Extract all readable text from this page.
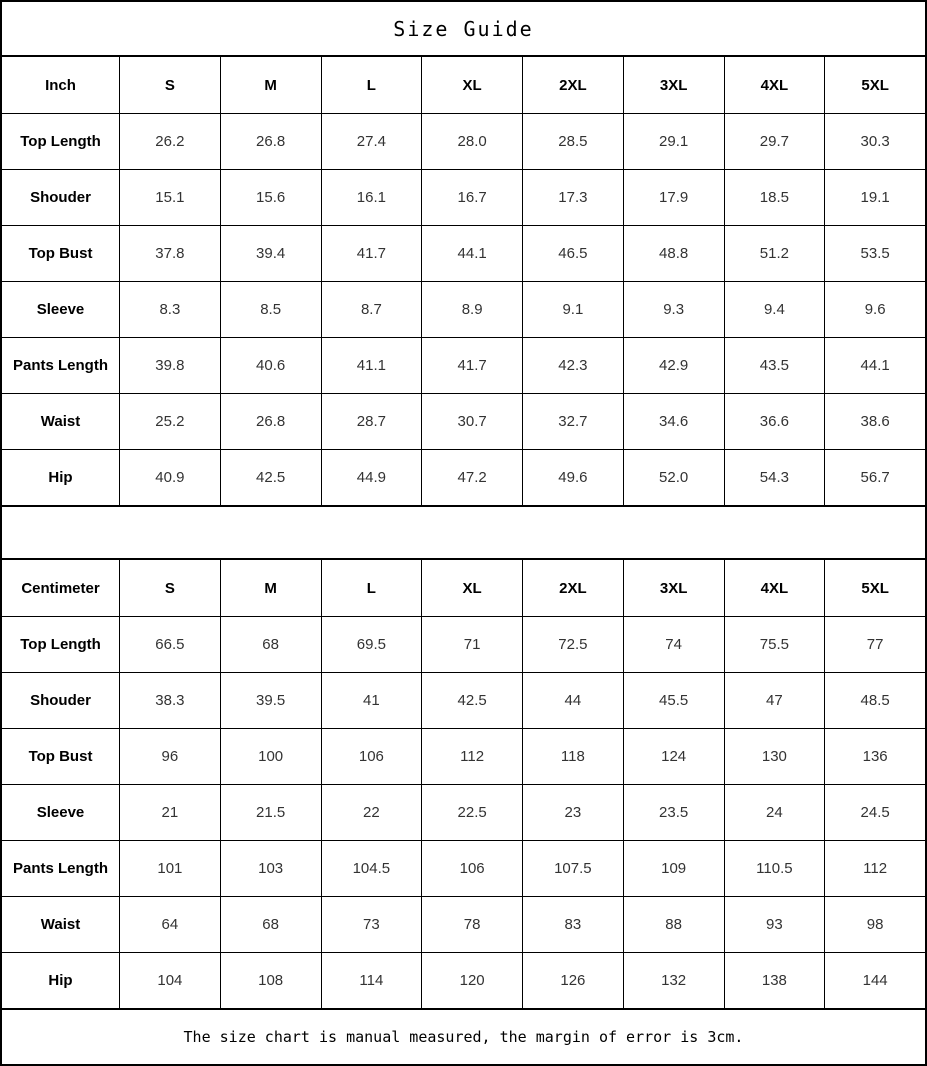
Size Guide
Inch	S	M	L	XL	2XL	3XL	4XL	5XL
Top Length	26.2	26.8	27.4	28.0	28.5	29.1	29.7	30.3
Shouder	15.1	15.6	16.1	16.7	17.3	17.9	18.5	19.1
Top Bust	37.8	39.4	41.7	44.1	46.5	48.8	51.2	53.5
Sleeve	8.3	8.5	8.7	8.9	9.1	9.3	9.4	9.6
Pants Length	39.8	40.6	41.1	41.7	42.3	42.9	43.5	44.1
Waist	25.2	26.8	28.7	30.7	32.7	34.6	36.6	38.6
Hip	40.9	42.5	44.9	47.2	49.6	52.0	54.3	56.7
Centimeter	S	M	L	XL	2XL	3XL	4XL	5XL
Top Length	66.5	68	69.5	71	72.5	74	75.5	77
Shouder	38.3	39.5	41	42.5	44	45.5	47	48.5
Top Bust	96	100	106	112	118	124	130	136
Sleeve	21	21.5	22	22.5	23	23.5	24	24.5
Pants Length	101	103	104.5	106	107.5	109	110.5	112
Waist	64	68	73	78	83	88	93	98
Hip	104	108	114	120	126	132	138	144
The size chart is manual measured, the margin of error is 3cm.
